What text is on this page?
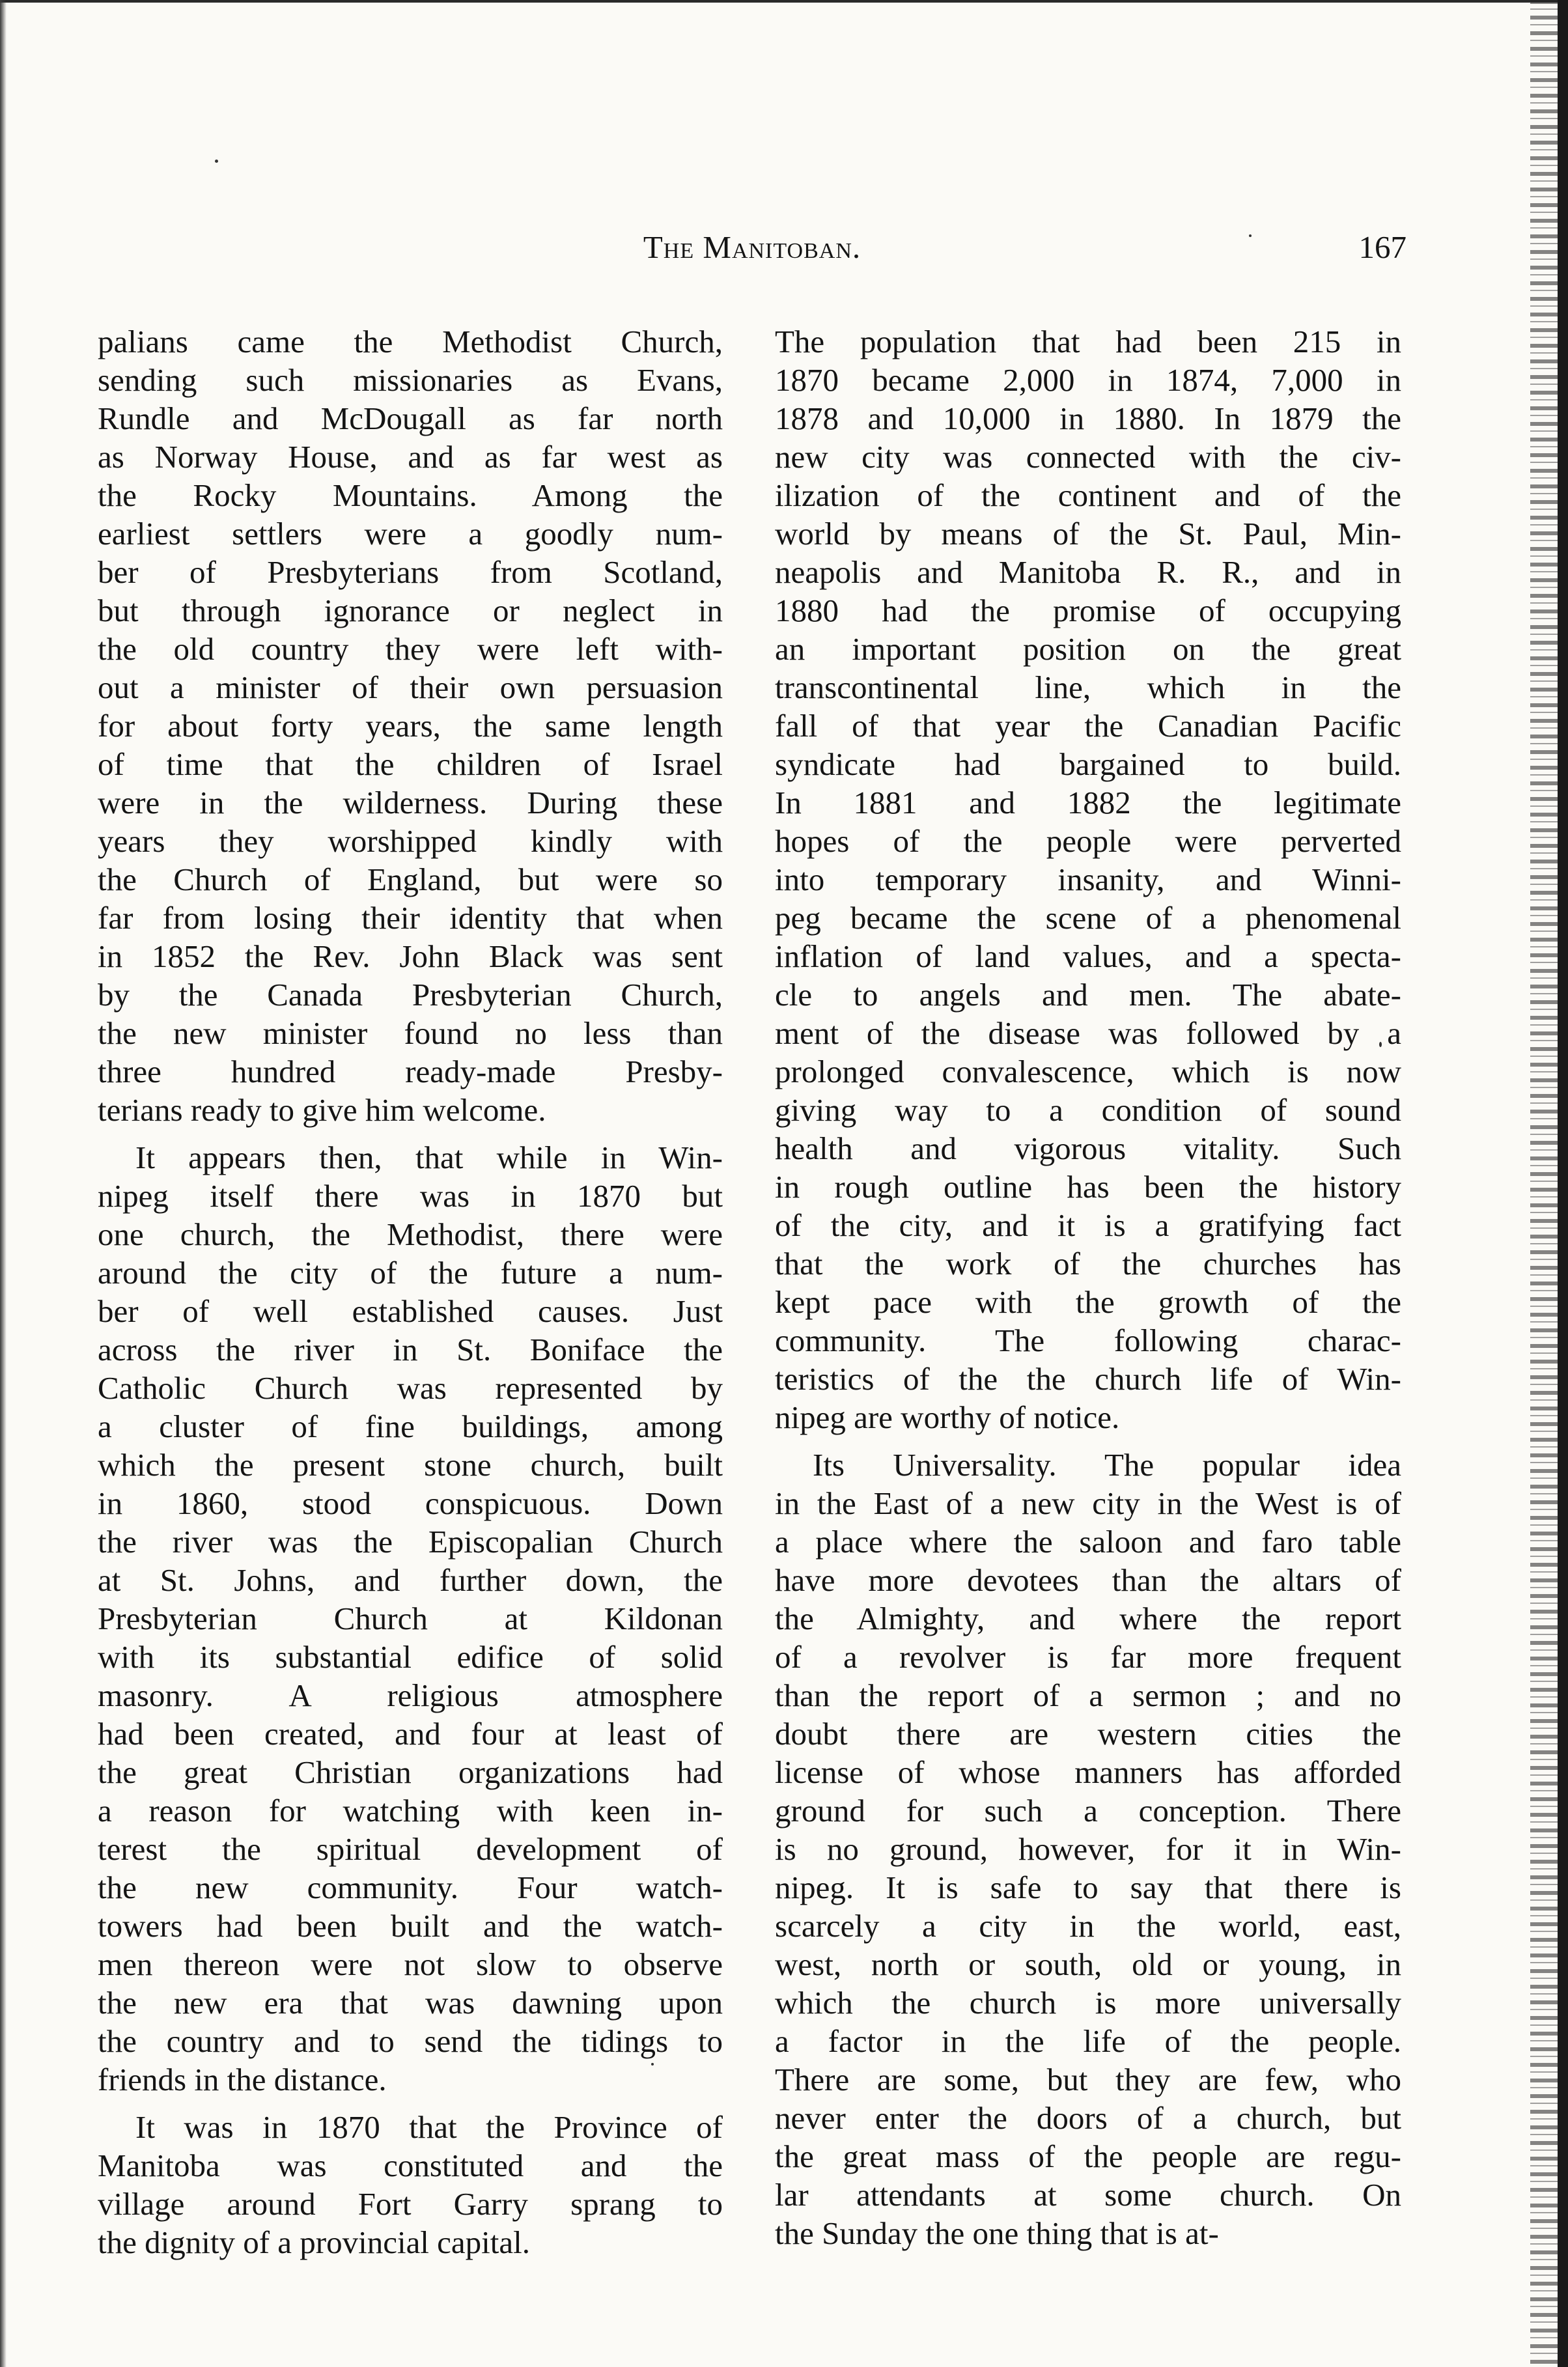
The Manitoban.	167
palians came the Methodist Church,
sending such missionaries as Evans,
Rundle and McDougall as far north
as Norway House, and as far west as
the Rocky Mountains. Among the
earliest settlers were a goodly num-
ber of Presbyterians from Scotland,
but through ignorance or neglect in
the old country they were left with-
out a minister of their own persuasion
for about forty years, the same length
of time that the children of Israel
were in the wilderness. During these
years they worshipped kindly with
the Church of England, but were so
far from losing their identity that when
in 1852 the Rev. John Black was sent
by the Canada Presbyterian Church,
the new minister found no less than
three hundred ready-made Presby-
terians ready to give him welcome.
It appears then, that while in Win-
nipeg itself there was in 1870 but
one church, the Methodist, there were
around the city of the future a num-
ber of well established causes. Just
across the river in St. Boniface the
Catholic Church was represented by
a cluster of fine buildings, among
which the present stone church, built
in 1860, stood conspicuous. Down
the river was the Episcopalian Church
at St. Johns, and further down, the
Presbyterian Church at Kildonan
with its substantial edifice of solid
masonry. A religious atmosphere
had been created, and four at least of
the great Christian organizations had
a reason for watching with keen in-
terest the spiritual development of
the new community. Four watch-
towers had been built and the watch-
men thereon were not slow to observe
the new era that was dawning upon
the country and to send the tidings to
friends in the distance.
It was in 1870 that the Province of
Manitoba was constituted and the
village around Fort Garry sprang to
the dignity of a provincial capital.
The population that had been 215 in
1870 became 2,000 in 1874, 7,000 in
1878 and 10,000 in 1880. In 1879 the
new city was connected with the civ-
ilization of the continent and of the
world by means of the St. Paul, Min-
neapolis and Manitoba R. R., and in
1880 had the promise of occupying
an important position on the great
transcontinental line, which in the
fall of that year the Canadian Pacific
syndicate had bargained to build.
In 1881 and 1882 the legitimate
hopes of the people were perverted
into temporary insanity, and Winni-
peg became the scene of a phenomenal
inflation of land values, and a specta-
cle to angels and men. The abate-
ment of the disease was followed by a
prolonged convalescence, which is now
giving way to a condition of sound
health and vigorous vitality. Such
in rough outline has been the history
of the city, and it is a gratifying fact
that the work of the churches has
kept pace with the growth of the
community. The following charac-
teristics of the the church life of Win-
nipeg are worthy of notice.
Its Universality. The popular idea
in the East of a new city in the West is of
a place where the saloon and faro table
have more devotees than the altars of
the Almighty, and where the report
of a revolver is far more frequent
than the report of a sermon ; and no
doubt there are western cities the
license of whose manners has afforded
ground for such a conception. There
is no ground, however, for it in Win-
nipeg. It is safe to say that there is
scarcely a city in the world, east,
west, north or south, old or young, in
which the church is more universally
a factor in the life of the people.
There are some, but they are few, who
never enter the doors of a church, but
the great mass of the people are regu-
lar attendants at some church. On
the Sunday the one thing that is at-
